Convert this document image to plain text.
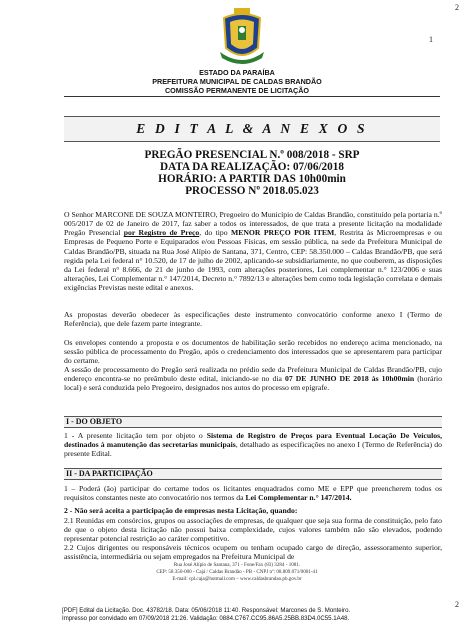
2
1
ESTADO DA PARAÍBA
PREFEITURA MUNICIPAL DE CALDAS BRANDÃO
COMISSÃO PERMANENTE DE LICITAÇÃO
E D I T A L & A N E X O S
PREGÃO PRESENCIAL N.º 008/2018 - SRP
DATA DA REALIZAÇÃO: 07/06/2018
HORÁRIO: A PARTIR DAS 10h00min
PROCESSO Nº 2018.05.023
O Senhor MARCONE DE SOUZA MONTEIRO, Pregoeiro do Município de Caldas Brandão, constituído pela portaria n.º 005/2017 de 02 de Janeiro de 2017, faz saber a todos os interessados, de que trata a presente licitação na modalidade Pregão Presencial por Registro de Preço, do tipo MENOR PREÇO POR ITEM, Restrita às Microempresas e ou Empresas de Pequeno Porte e Equiparados e/ou Pessoas Físicas, em sessão pública, na sede da Prefeitura Municipal de Caldas Brandão/PB, situada na Rua José Alípio de Santana, 371, Centro, CEP: 58.350.000 – Caldas Brandão/PB, que será regida pela Lei federal n° 10.520, de 17 de julho de 2002, aplicando-se subsidiariamente, no que couberem, as disposições da Lei federal n° 8.666, de 21 de junho de 1993, com alterações posteriores, Lei complementar n.° 123/2006 e suas alterações, Lei Complementar n.° 147/2014, Decreto n.° 7892/13 e alterações bem como toda legislação correlata e demais exigências Previstas neste edital e anexos.
As propostas deverão obedecer às especificações deste instrumento convocatório conforme anexo I (Termo de Referência), que dele fazem parte integrante.
Os envelopes contendo a proposta e os documentos de habilitação serão recebidos no endereço acima mencionado, na sessão pública de processamento do Pregão, após o credenciamento dos interessados que se apresentarem para participar do certame.
A sessão de processamento do Pregão será realizada no prédio sede da Prefeitura Municipal de Caldas Brandão/PB, cujo endereço encontra-se no preâmbulo deste edital, iniciando-se no dia 07 DE JUNHO DE 2018 às 10h00min (horário local) e será conduzida pelo Pregoeiro, designados nos autos do processo em epígrafe.
I - DO OBJETO
1 - A presente licitação tem por objeto o Sistema de Registro de Preços para Eventual Locação De Veículos, destinados à manutenção das secretarias municipais, detalhado as especificações no anexo I (Termo de Referência) do presente Edital.
II - DA PARTICIPAÇÃO
1 – Poderá (ão) participar do certame todos os licitantes enquadrados como ME e EPP que preencherem todos os requisitos constantes neste ato convocatório nos termos da Lei Complementar n.° 147/2014.
2 - Não será aceita a participação de empresas nesta Licitação, quando:
2.1 Reunidas em consórcios, grupos ou associações de empresas, de qualquer que seja sua forma de constituição, pelo fato de que o objeto desta licitação não possui baixa complexidade, cujos valores também não são elevados, podendo representar potencial restrição ao caráter competitivo.
2.2 Cujos dirigentes ou responsáveis técnicos ocupem ou tenham ocupado cargo de direção, assessoramento superior, assistência, intermediária ou sejam empregados na Prefeitura Municipal de
Rua José Alípio de Santana, 371 - Fone/Fax (83) 3284 - 1081.
CEP: 58.350-000 - Cajá / Caldas Brandão - PB - CNPJ nº: 08.809.071/0001-41
E-mail: cpl.caja@hotmail.com – www.caldasbrandao.pb.gov.br
2
[PDF] Edital da Licitação. Doc. 43782/18. Data: 05/06/2018 11:40. Responsável: Marcones de S. Monteiro.
Impresso por convidado em 07/09/2018 21:26. Validação: 0884.C767.CC95.86A5.25BB.83D4.0C55.1A48.
